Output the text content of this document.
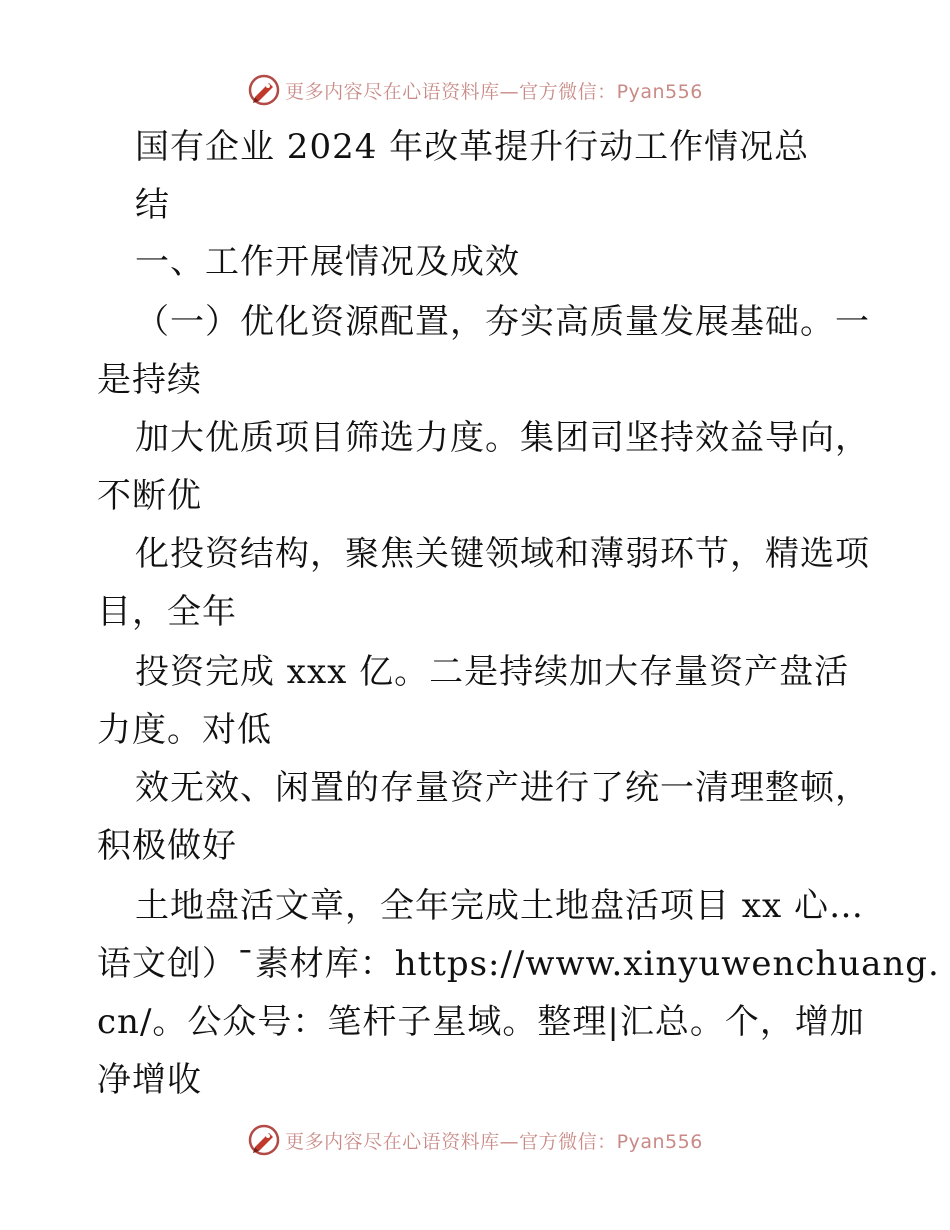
更多内容尽在心语资料库—官方微信：Pyan556
国有企业 2024 年改革提升行动工作情况总
结
一、工作开展情况及成效
（一）优化资源配置，夯实高质量发展基础。一
是持续
加大优质项目筛选力度。集团司坚持效益导向，
不断优
化投资结构，聚焦关键领域和薄弱环节，精选项
目，全年
投资完成 xxx 亿。二是持续加大存量资产盘活
力度。对低
效无效、闲置的存量资产进行了统一清理整顿，
积极做好
土地盘活文章，全年完成土地盘活项目 xx 心…
语文创）¯素材库：https://www.xinyuwenchuang.
cn/。公众号：笔杆子星域。整理|汇总。个，增加
净增收
更多内容尽在心语资料库—官方微信：Pyan556
